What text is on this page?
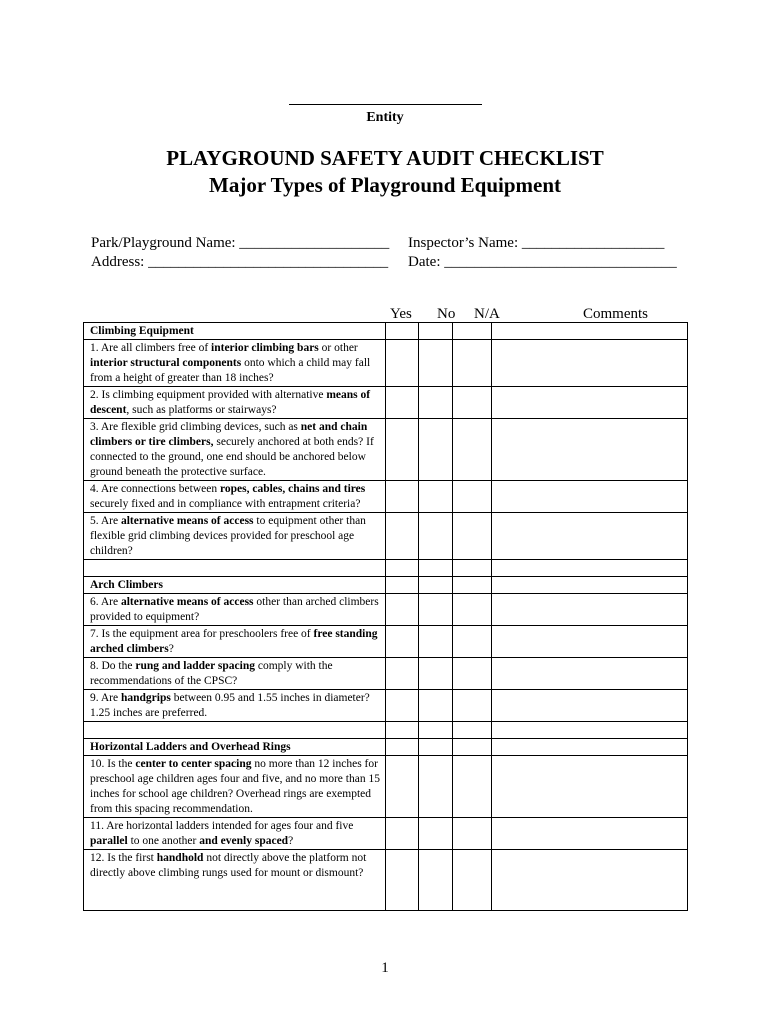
Entity
PLAYGROUND SAFETY AUDIT CHECKLIST
Major Types of Playground Equipment
Park/Playground Name: ____________________ Inspector’s Name: ___________________
Address: ________________________________ Date: _______________________________
Yes No N/A	Comments
Climbing Equipment				
1. Are all climbers free of interior climbing bars or other interior structural components onto which a child may fall from a height of greater than 18 inches?				
2. Is climbing equipment provided with alternative means of descent, such as platforms or stairways?				
3. Are flexible grid climbing devices, such as net and chain climbers or tire climbers, securely anchored at both ends? If connected to the ground, one end should be anchored below ground beneath the protective surface.				
4. Are connections between ropes, cables, chains and tires securely fixed and in compliance with entrapment criteria?				
5. Are alternative means of access to equipment other than flexible grid climbing devices provided for preschool age children?				

Arch Climbers				
6. Are alternative means of access other than arched climbers provided to equipment?				
7. Is the equipment area for preschoolers free of free standing arched climbers?				
8. Do the rung and ladder spacing comply with the recommendations of the CPSC?				
9. Are handgrips between 0.95 and 1.55 inches in diameter? 1.25 inches are preferred.				

Horizontal Ladders and Overhead Rings				
10. Is the center to center spacing no more than 12 inches for preschool age children ages four and five, and no more than 15 inches for school age children? Overhead rings are exempted from this spacing recommendation.				
11. Are horizontal ladders intended for ages four and five parallel to one another and evenly spaced?				
12. Is the first handhold not directly above the platform not directly above climbing rungs used for mount or dismount?				
1
